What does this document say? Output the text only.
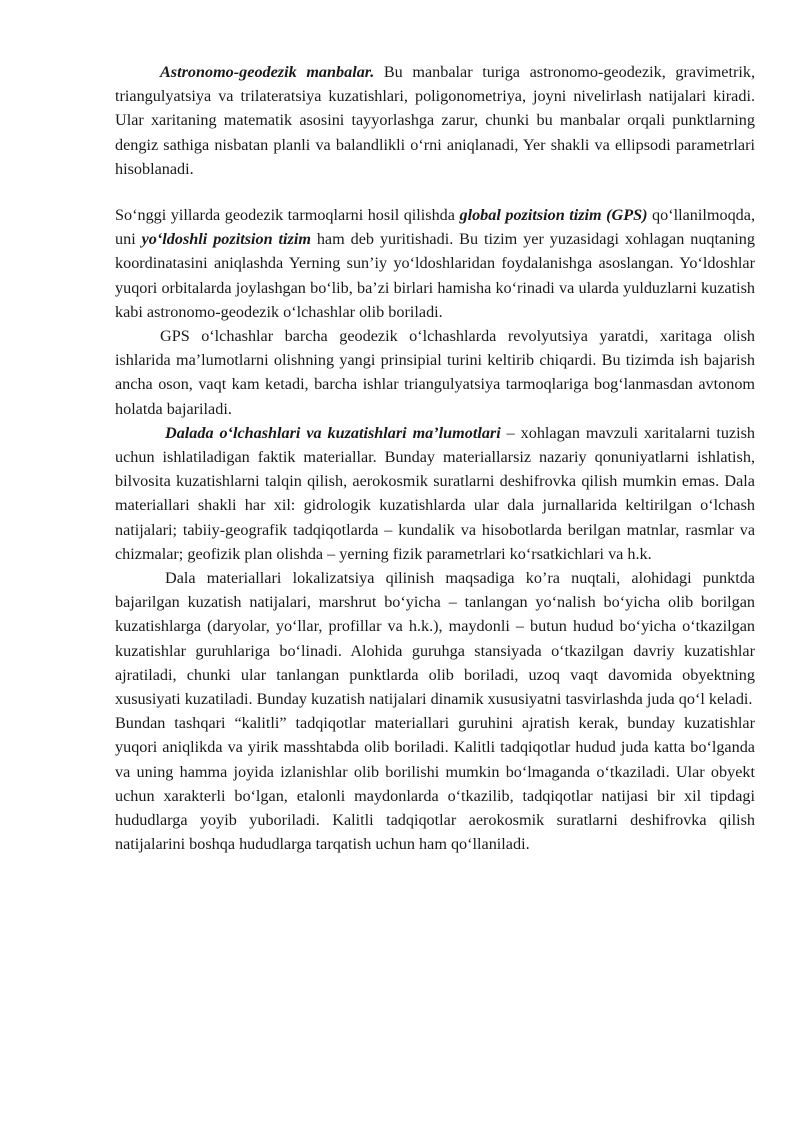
Astronomo-geodezik manbalar. Bu manbalar turiga astronomo-geodezik, gravimetrik, triangulyatsiya va trilateratsiya kuzatishlari, poligonometriya, joyni nivelirlash natijalari kiradi. Ular xaritaning matematik asosini tayyorlashga zarur, chunki bu manbalar orqali punktlarning dengiz sathiga nisbatan planli va balandlikli o‘rni aniqlanadi, Yer shakli va ellipsodi parametrlari hisoblanadi.

So‘nggi yillarda geodezik tarmoqlarni hosil qilishda global pozitsion tizim (GPS) qo‘llanilmoqda, uni yo‘ldoshli pozitsion tizim ham deb yuritishadi. Bu tizim yer yuzasidagi xohlagan nuqtaning koordinatasini aniqlashda Yerning sun’iy yo‘ldoshlaridan foydalanishga asoslangan. Yo‘ldoshlar yuqori orbitalarda joylashgan bo‘lib, ba’zi birlari hamisha ko‘rinadi va ularda yulduzlarni kuzatish kabi astronomo-geodezik o‘lchashlar olib boriladi.

GPS o‘lchashlar barcha geodezik o‘lchashlarda revolyutsiya yaratdi, xaritaga olish ishlarida ma’lumotlarni olishning yangi prinsipial turini keltirib chiqardi. Bu tizimda ish bajarish ancha oson, vaqt kam ketadi, barcha ishlar triangulyatsiya tarmoqlariga bog‘lanmasdan avtonom holatda bajariladi.

Dalada o‘lchashlari va kuzatishlari ma’lumotlari – xohlagan mavzuli xaritalarni tuzish uchun ishlatiladigan faktik materiallar. Bunday materiallarsiz nazariy qonuniyatlarni ishlatish, bilvosita kuzatishlarni talqin qilish, aerokosmik suratlarni deshifrovka qilish mumkin emas. Dala materiallari shakli har xil: gidrologik kuzatishlarda ular dala jurnallarida keltirilgan o‘lchash natijalari; tabiiy-geografik tadqiqotlarda – kundalik va hisobotlarda berilgan matnlar, rasmlar va chizmalar; geofizik plan olishda – yerning fizik parametrlari ko‘rsatkichlari va h.k.

Dala materiallari lokalizatsiya qilinish maqsadiga ko’ra nuqtali, alohidagi punktda bajarilgan kuzatish natijalari, marshrut bo‘yicha – tanlangan yo‘nalish bo‘yicha olib borilgan kuzatishlarga (daryolar, yo‘llar, profillar va h.k.), maydonli – butun hudud bo‘yicha o‘tkazilgan kuzatishlar guruhlariga bo‘linadi. Alohida guruhga stansiyada o‘tkazilgan davriy kuzatishlar ajratiladi, chunki ular tanlangan punktlarda olib boriladi, uzoq vaqt davomida obyektning xususiyati kuzatiladi. Bunday kuzatish natijalari dinamik xususiyatni tasvirlashda juda qo‘l keladi.

Bundan tashqari “kalitli” tadqiqotlar materiallari guruhini ajratish kerak, bunday kuzatishlar yuqori aniqlikda va yirik masshtabda olib boriladi. Kalitli tadqiqotlar hudud juda katta bo‘lganda va uning hamma joyida izlanishlar olib borilishi mumkin bo‘lmaganda o‘tkaziladi. Ular obyekt uchun xarakterli bo‘lgan, etalonli maydonlarda o‘tkazilib, tadqiqotlar natijasi bir xil tipdagi hududlarga yoyib yuboriladi. Kalitli tadqiqotlar aerokosmik suratlarni deshifrovka qilish natijalarini boshqa hududlarga tarqatish uchun ham qo‘llaniladi.
